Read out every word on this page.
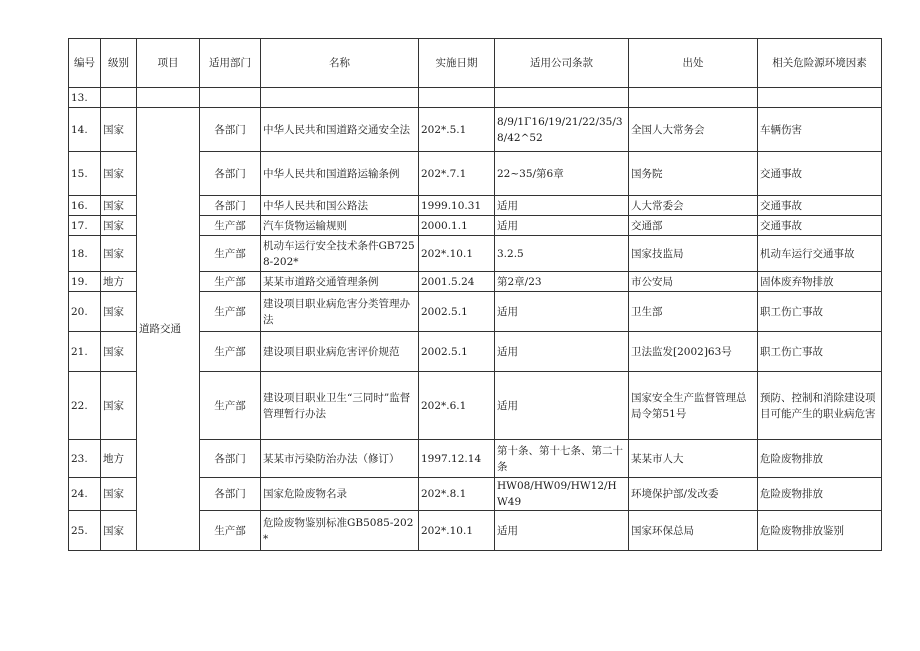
编号	级别	项目	适用部门	名称	实施日期	适用公司条款	出处	相关危险源环境因素
13.								
14.	国家	道路交通	各部门	中华人民共和国道路交通安全法	202*.5.1	8/9/1Γ16/19/21/22/35/38/42^52	全国人大常务会	车辆伤害
15.	国家		各部门	中华人民共和国道路运输条例	202*.7.1	22~35/第6章	国务院	交通事故
16.	国家		各部门	中华人民共和国公路法	1999.10.31	适用	人大常委会	交通事故
17.	国家		生产部	汽车货物运输规则	2000.1.1	适用	交通部	交通事故
18.	国家		生产部	机动车运行安全技术条件GB7258-202*	202*.10.1	3.2.5	国家技监局	机动车运行交通事故
19.	地方		生产部	某某市道路交通管理条例	2001.5.24	第2章/23	市公安局	固体废弃物排放
20.	国家		生产部	建设项目职业病危害分类管理办法	2002.5.1	适用	卫生部	职工伤亡事故
21.	国家		生产部	建设项目职业病危害评价规范	2002.5.1	适用	卫法监发[2002]63号	职工伤亡事故
22.	国家		生产部	建设项目职业卫生“三同时”监督管理暂行办法	202*.6.1	适用	国家安全生产监督管理总局令第51号	预防、控制和消除建设项目可能产生的职业病危害
23.	地方		各部门	某某市污染防治办法（修订）	1997.12.14	第十条、第十七条、第二十条	某某市人大	危险废物排放
24.	国家		各部门	国家危险废物名录	202*.8.1	HW08/HW09/HW12/HW49	环境保护部/发改委	危险废物排放
25.	国家		生产部	危险废物鉴别标准GB5085-202*	202*.10.1	适用	国家环保总局	危险废物排放鉴别
